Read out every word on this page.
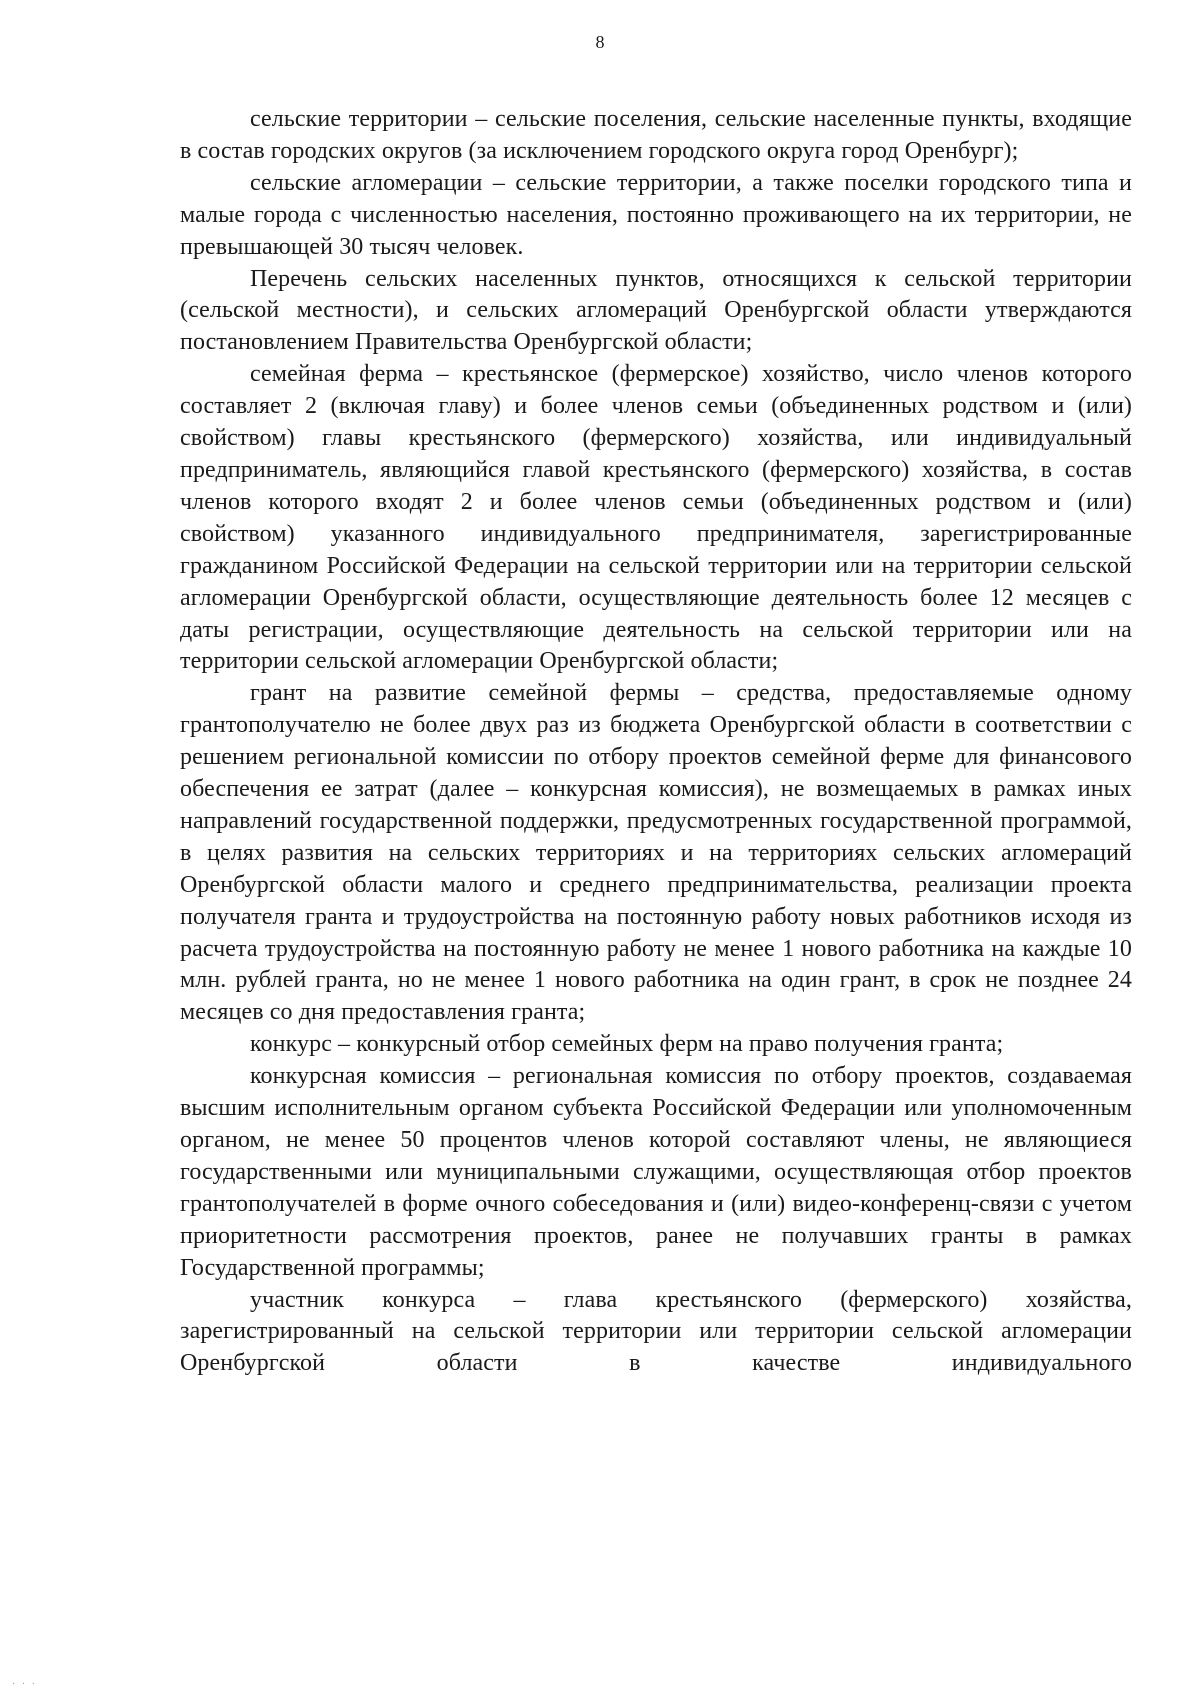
8

сельские территории – сельские поселения, сельские населенные пункты, входящие в состав городских округов (за исключением городского округа город Оренбург);

сельские агломерации – сельские территории, а также поселки городского типа и малые города с численностью населения, постоянно проживающего на их территории, не превышающей 30 тысяч человек.

Перечень сельских населенных пунктов, относящихся к сельской территории (сельской местности), и сельских агломераций Оренбургской области утверждаются постановлением Правительства Оренбургской области;

семейная ферма – крестьянское (фермерское) хозяйство, число членов которого составляет 2 (включая главу) и более членов семьи (объединенных родством и (или) свойством) главы крестьянского (фермерского) хозяйства, или индивидуальный предприниматель, являющийся главой крестьянского (фермерского) хозяйства, в состав членов которого входят 2 и более членов семьи (объединенных родством и (или) свойством) указанного индивидуального предпринимателя, зарегистрированные гражданином Российской Федерации на сельской территории или на территории сельской агломерации Оренбургской области, осуществляющие деятельность более 12 месяцев с даты регистрации, осуществляющие деятельность на сельской территории или на территории сельской агломерации Оренбургской области;

грант на развитие семейной фермы – средства, предоставляемые одному грантополучателю не более двух раз из бюджета Оренбургской области в соответствии с решением региональной комиссии по отбору проектов семейной ферме для финансового обеспечения ее затрат (далее – конкурсная комиссия), не возмещаемых в рамках иных направлений государственной поддержки, предусмотренных государственной программой, в целях развития на сельских территориях и на территориях сельских агломераций Оренбургской области малого и среднего предпринимательства, реализации проекта получателя гранта и трудоустройства на постоянную работу новых работников исходя из расчета трудоустройства на постоянную работу не менее 1 нового работника на каждые 10 млн. рублей гранта, но не менее 1 нового работника на один грант, в срок не позднее 24 месяцев со дня предоставления гранта;

конкурс – конкурсный отбор семейных ферм на право получения гранта;

конкурсная комиссия – региональная комиссия по отбору проектов, создаваемая высшим исполнительным органом субъекта Российской Федерации или уполномоченным органом, не менее 50 процентов членов которой составляют члены, не являющиеся государственными или муниципальными служащими, осуществляющая отбор проектов грантополучателей в форме очного собеседования и (или) видео-конференц-связи с учетом приоритетности рассмотрения проектов, ранее не получавших гранты в рамках Государственной программы;

участник конкурса – глава крестьянского (фермерского) хозяйства, зарегистрированный на сельской территории или территории сельской агломерации Оренбургской области в качестве индивидуального

· · ·
